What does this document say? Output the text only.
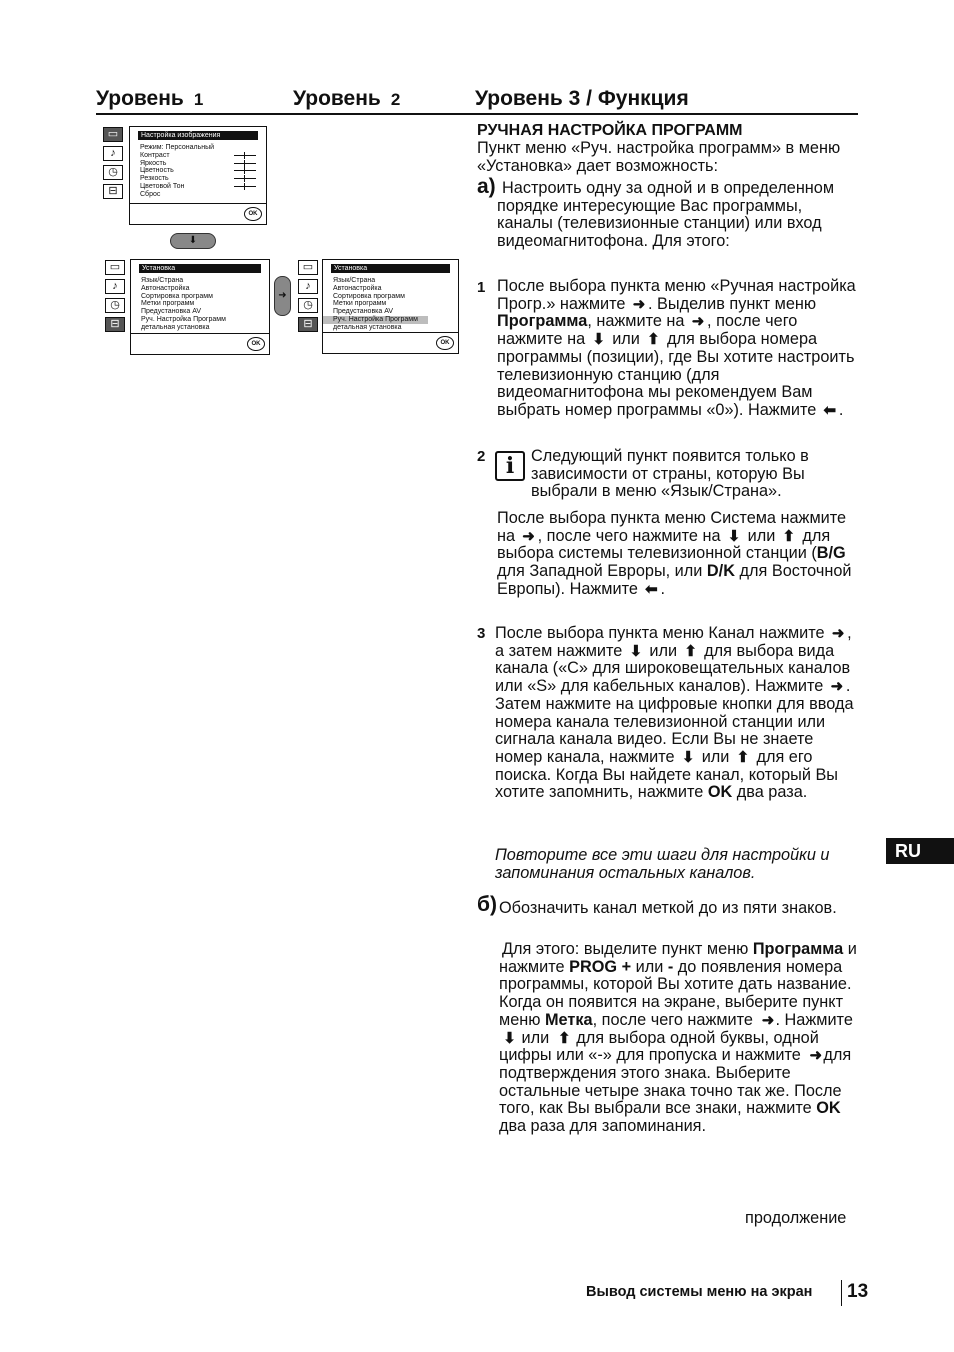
Уровень 1	Уровень 2	Уровень 3 / Функция
▭
♪
◷
⊟
Настройка изображения
Режим: Персональный
Контраст
Яркость
Цветность
Резкость
Цветовой Тон
Сброс
OK
⬇
▭
♪
◷
⊟
Установка
Язык/Страна
Автонастройка
Сортировка программ
Метки программ
Предустановка AV
Руч. Настройка Программ
детальная установка
OK
➜
▭
♪
◷
⊟
Установка
Язык/Страна
Автонастройка
Сортировка программ
Метки программ
Предустановка AV
Руч. Настройка Программ
детальная установка
OK
РУЧНАЯ НАСТРОЙКА ПРОГРАММ
Пункт меню «Руч. настройка программ» в меню «Установка» дает возможность:
а) Настроить одну за одной и в определенном порядке интересующие Вас программы, каналы (телевизионные станции) или вход видеомагнитофона. Для этого:
1 После выбора пункта меню «Ручная настройка Прогр.» нажмите ➜ . Выделив пункт меню Программа, нажмите на ➜ , после чего нажмите на ⬇ или ⬆ для выбора номера программы (позиции), где Вы хотите настроить телевизионную станцию (для видеомагнитофона мы рекомендуем Вам выбрать номер программы «0»). Нажмите ⬅ .
2 i	Следующий пункт появится только в зависимости от страны, которую Вы выбрали в меню «Язык/Страна».
После выбора пункта меню Система нажмите на ➜ , после чего нажмите на ⬇ или ⬆ для выбора системы телевизионной станции (B/G для Западной Евроры, или D/K для Восточной Европы). Нажмите ⬅ .
3 После выбора пункта меню Канал нажмите ➜ , а затем нажмите ⬇ или ⬆ для выбора вида канала («C» для широковещательных каналов или «S» для кабельных каналов). Нажмите ➜ . Затем нажмите на цифровые кнопки для ввода номера канала телевизионной станции или сигнала канала видео. Если Вы не знаете номер канала, нажмите ⬇ или ⬆ для его поиска. Когда Вы найдете канал, который Вы хотите запомнить, нажмите OK два раза.
Повторите все эти шаги для настройки и запоминания остальных каналов.
б) Обозначить канал меткой до из пяти знаков.
Для этого: выделите пункт меню Программа и нажмите PROG + или - до появления номера программы, которой Вы хотите дать название. Когда он появится на экране, выберите пункт меню Метка, после чего нажмите ➜. Нажмите ⬇ или ⬆ для выбора одной буквы, одной цифры или «-» для пропуска и нажмите ➜для подтверждения этого знака. Выберите остальные четыре знака точно так же. После того, как Вы выбрали все знаки, нажмите OK два раза для запоминания.
продолжение
RU
Вывод системы меню на экран 13
